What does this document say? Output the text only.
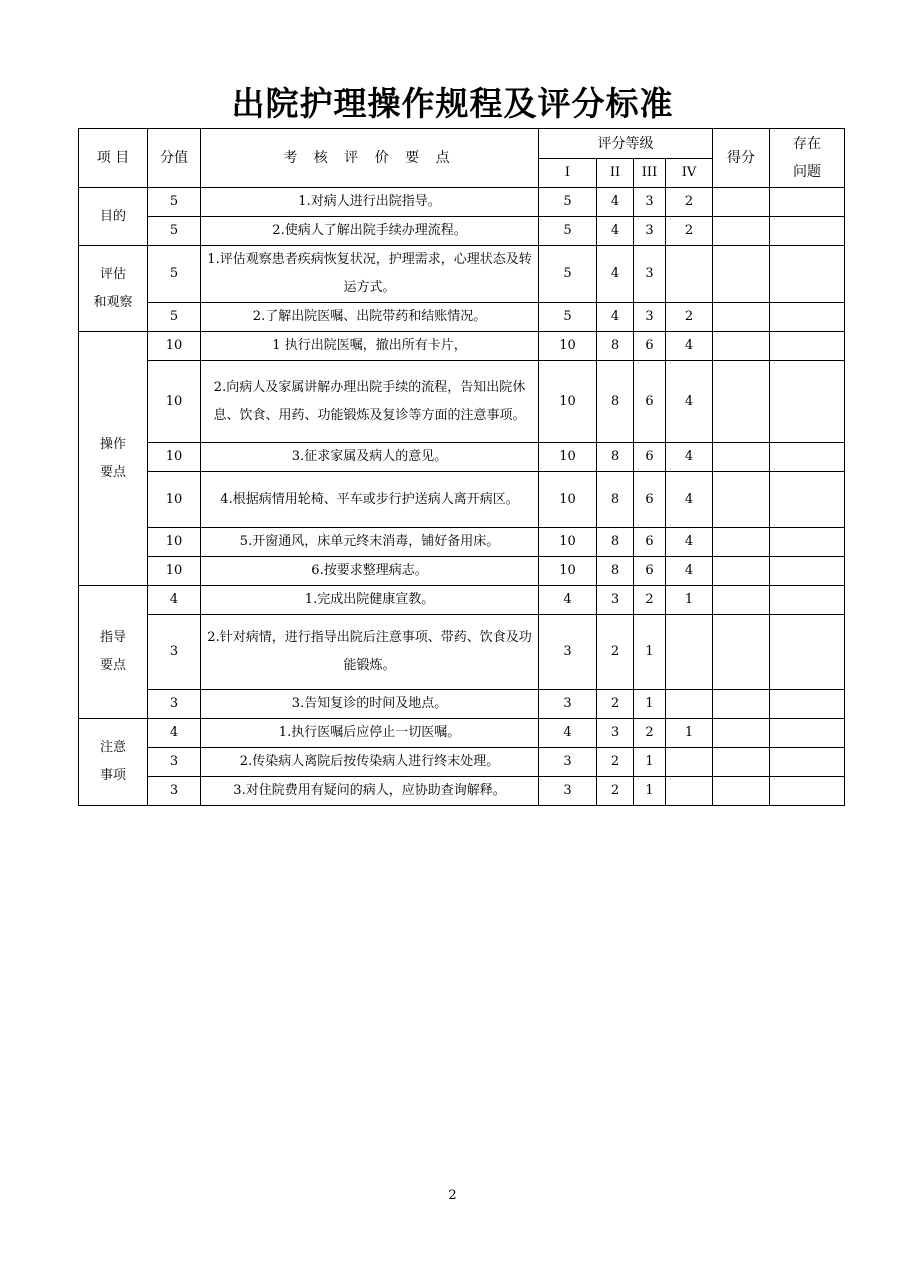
出院护理操作规程及评分标准
项 目	分值	考 核 评 价 要 点	评分等级				得分	存在
问题

			I	II	III	IV		

目的	5	1.对病人进行出院指导。	5	4	3	2		
	5	2.使病人了解出院手续办理流程。	5	4	3	2		

评估
和观察	5	1.评估观察患者疾病恢复状况，护理需求，心理状态及转运方式。	5	4	3			
	5	2.了解出院医嘱、出院带药和结账情况。	5	4	3	2		

操作
要点	10	1 执行出院医嘱，撤出所有卡片，	10	8	6	4		
	10	2.向病人及家属讲解办理出院手续的流程，告知出院休息、饮食、用药、功能锻炼及复诊等方面的注意事项。	10	8	6	4		
	10	3.征求家属及病人的意见。	10	8	6	4		
	10	4.根据病情用轮椅、平车或步行护送病人离开病区。	10	8	6	4		
	10	5.开窗通风，床单元终末消毒，铺好备用床。	10	8	6	4		
	10	6.按要求整理病志。	10	8	6	4		

指导
要点	4	1.完成出院健康宣教。	4	3	2	1		
	3	2.针对病情，进行指导出院后注意事项、带药、饮食及功能锻炼。	3	2	1			
	3	3.告知复诊的时间及地点。	3	2	1			

注意
事项	4	1.执行医嘱后应停止一切医嘱。	4	3	2	1		
	3	2.传染病人离院后按传染病人进行终末处理。	3	2	1			
	3	3.对住院费用有疑问的病人，应协助查询解释。	3	2	1			
2
